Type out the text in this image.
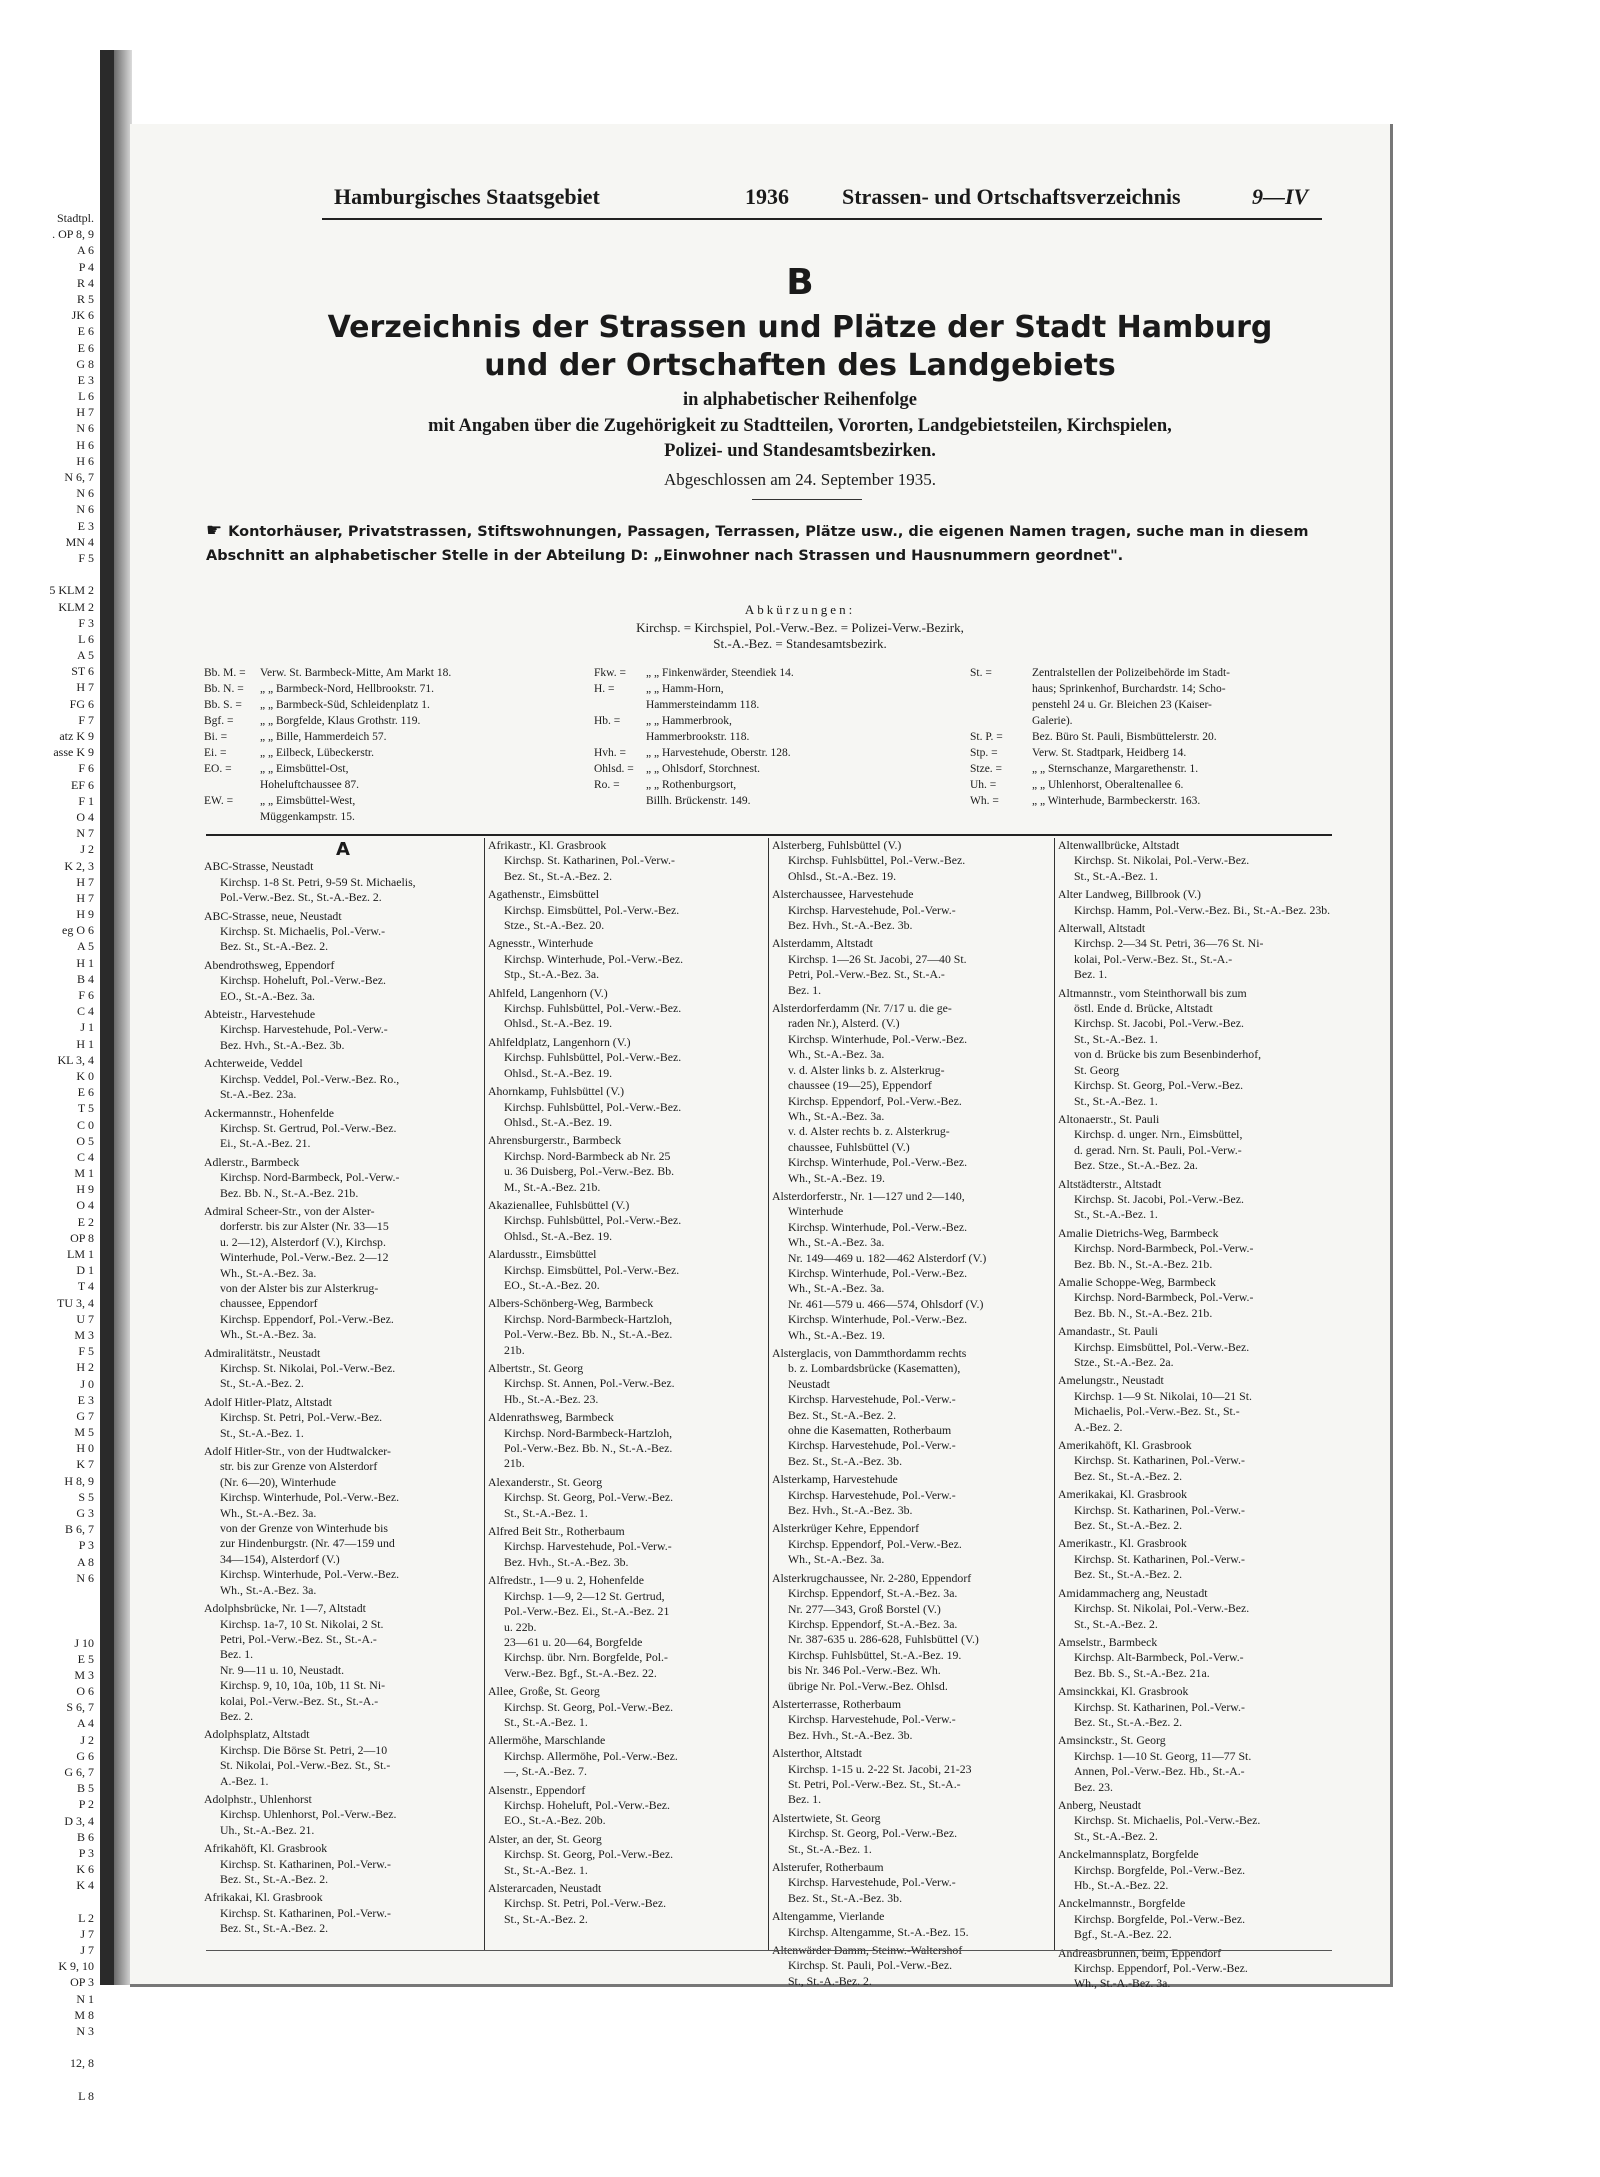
Stadtpl.
. OP 8, 9
A 6
P 4
R 4
R 5
JK 6
E 6
E 6
G 8
E 3
L 6
H 7
N 6
H 6
H 6
N 6, 7
N 6
N 6
E 3
MN 4
F 5
5 KLM 2
KLM 2
F 3
L 6
A 5
ST 6
H 7
FG 6
F 7
atz K 9
asse K 9
F 6
EF 6
F 1
O 4
N 7
J 2
K 2, 3
H 7
H 7
H 9
eg O 6
A 5
H 1
B 4
F 6
C 4
J 1
H 1
KL 3, 4
K 0
E 6
T 5
C 0
O 5
C 4
M 1
H 9
O 4
E 2
OP 8
LM 1
D 1
T 4
TU 3, 4
U 7
M 3
F 5
H 2
J 0
E 3
G 7
M 5
H 0
K 7
H 8, 9
S 5
G 3
B 6, 7
P 3
A 8
N 6
J 10
E 5
M 3
O 6
S 6, 7
A 4
J 2
G 6
G 6, 7
B 5
P 2
D 3, 4
B 6
P 3
K 6
K 4
L 2
J 7
J 7
K 9, 10
OP 3
N 1
M 8
N 3
12, 8
L 8
Hamburgisches Staatsgebiet	1936 Strassen- und Ortschaftsverzeichnis	9—IV
B
Verzeichnis der Strassen und Plätze der Stadt Hamburg
und der Ortschaften des Landgebiets
in alphabetischer Reihenfolge
mit Angaben über die Zugehörigkeit zu Stadtteilen, Vororten, Landgebietsteilen, Kirchspielen,
Polizei- und Standesamtsbezirken.
Abgeschlossen am 24. September 1935.
☛ Kontorhäuser, Privatstrassen, Stiftswohnungen, Passagen, Terrassen, Plätze usw., die eigenen Namen tragen, suche man in diesem Abschnitt an alphabetischer Stelle in der Abteilung D: „Einwohner nach Strassen und Hausnummern geordnet".
Abkürzungen:
Kirchsp. = Kirchspiel, Pol.-Verw.-Bez. = Polizei-Verw.-Bezirk,
St.-A.-Bez. = Standesamtsbezirk.
Bb. M. = Verw. St. Barmbeck-Mitte, Am Markt 18.
Bb. N. = „ „ Barmbeck-Nord, Hellbrookstr. 71.
Bb. S. = „ „ Barmbeck-Süd, Schleidenplatz 1.
Bgf. = „ „ Borgfelde, Klaus Grothstr. 119.
Bi. =	„ „ Bille, Hammerdeich 57.
Ei. =	„ „ Eilbeck, Lübeckerstr.
EO. = „ „ Eimsbüttel-Ost,
Hoheluftchaussee 87.
EW. = „ „ Eimsbüttel-West,
Müggenkampstr. 15.
Fkw. = „ „ Finkenwärder, Steendiek 14.
H. =	„ „ Hamm-Horn,
Hammersteindamm 118.
Hb. = „ „ Hammerbrook,
Hammerbrookstr. 118.
Hvh. = „ „ Harvestehude, Oberstr. 128.
Ohlsd. = „ „ Ohlsdorf, Storchnest.
Ro. = „ „ Rothenburgsort,
Billh. Brückenstr. 149.
St. =	Zentralstellen der Polizeibehörde im Stadt-
haus; Sprinkenhof, Burchardstr. 14; Scho-
penstehl 24 u. Gr. Bleichen 23 (Kaiser-
Galerie).
St. P. =	Bez. Büro St. Pauli, Bismbüttelerstr. 20.
Stp. =	Verw. St. Stadtpark, Heidberg 14.
Stze. =	„ „ Sternschanze, Margarethenstr. 1.
Uh. =	„ „ Uhlenhorst, Oberaltenallee 6.
Wh. =	„ „ Winterhude, Barmbeckerstr. 163.
A
ABC-Strasse, Neustadt
Kirchsp. 1-8 St. Petri, 9-59 St. Michaelis,
Pol.-Verw.-Bez. St., St.-A.-Bez. 2.
ABC-Strasse, neue, Neustadt
Kirchsp. St. Michaelis, Pol.-Verw.-
Bez. St., St.-A.-Bez. 2.
Abendrothsweg, Eppendorf
Kirchsp. Hoheluft, Pol.-Verw.-Bez.
EO., St.-A.-Bez. 3a.
Abteistr., Harvestehude
Kirchsp. Harvestehude, Pol.-Verw.-
Bez. Hvh., St.-A.-Bez. 3b.
Achterweide, Veddel
Kirchsp. Veddel, Pol.-Verw.-Bez. Ro.,
St.-A.-Bez. 23a.
Ackermannstr., Hohenfelde
Kirchsp. St. Gertrud, Pol.-Verw.-Bez.
Ei., St.-A.-Bez. 21.
Adlerstr., Barmbeck
Kirchsp. Nord-Barmbeck, Pol.-Verw.-
Bez. Bb. N., St.-A.-Bez. 21b.
Admiral Scheer-Str., von der Alster-
dorferstr. bis zur Alster (Nr. 33—15
u. 2—12), Alsterdorf (V.), Kirchsp.
Winterhude, Pol.-Verw.-Bez. 2—12
Wh., St.-A.-Bez. 3a.
von der Alster bis zur Alsterkrug-
chaussee, Eppendorf
Kirchsp. Eppendorf, Pol.-Verw.-Bez.
Wh., St.-A.-Bez. 3a.
Admiralitätstr., Neustadt
Kirchsp. St. Nikolai, Pol.-Verw.-Bez.
St., St.-A.-Bez. 2.
Adolf Hitler-Platz, Altstadt
Kirchsp. St. Petri, Pol.-Verw.-Bez.
St., St.-A.-Bez. 1.
Adolf Hitler-Str., von der Hudtwalcker-
str. bis zur Grenze von Alsterdorf
(Nr. 6—20), Winterhude
Kirchsp. Winterhude, Pol.-Verw.-Bez.
Wh., St.-A.-Bez. 3a.
von der Grenze von Winterhude bis
zur Hindenburgstr. (Nr. 47—159 und
34—154), Alsterdorf (V.)
Kirchsp. Winterhude, Pol.-Verw.-Bez.
Wh., St.-A.-Bez. 3a.
Adolphsbrücke, Nr. 1—7, Altstadt
Kirchsp. 1a-7, 10 St. Nikolai, 2 St.
Petri, Pol.-Verw.-Bez. St., St.-A.-
Bez. 1.
Nr. 9—11 u. 10, Neustadt.
Kirchsp. 9, 10, 10a, 10b, 11 St. Ni-
kolai, Pol.-Verw.-Bez. St., St.-A.-
Bez. 2.
Adolphsplatz, Altstadt
Kirchsp. Die Börse St. Petri, 2—10
St. Nikolai, Pol.-Verw.-Bez. St., St.-
A.-Bez. 1.
Adolphstr., Uhlenhorst
Kirchsp. Uhlenhorst, Pol.-Verw.-Bez.
Uh., St.-A.-Bez. 21.
Afrikahöft, Kl. Grasbrook
Kirchsp. St. Katharinen, Pol.-Verw.-
Bez. St., St.-A.-Bez. 2.
Afrikakai, Kl. Grasbrook
Kirchsp. St. Katharinen, Pol.-Verw.-
Bez. St., St.-A.-Bez. 2.
Afrikastr., Kl. Grasbrook
Kirchsp. St. Katharinen, Pol.-Verw.-
Bez. St., St.-A.-Bez. 2.
Agathenstr., Eimsbüttel
Kirchsp. Eimsbüttel, Pol.-Verw.-Bez.
Stze., St.-A.-Bez. 20.
Agnesstr., Winterhude
Kirchsp. Winterhude, Pol.-Verw.-Bez.
Stp., St.-A.-Bez. 3a.
Ahlfeld, Langenhorn (V.)
Kirchsp. Fuhlsbüttel, Pol.-Verw.-Bez.
Ohlsd., St.-A.-Bez. 19.
Ahlfeldplatz, Langenhorn (V.)
Kirchsp. Fuhlsbüttel, Pol.-Verw.-Bez.
Ohlsd., St.-A.-Bez. 19.
Ahornkamp, Fuhlsbüttel (V.)
Kirchsp. Fuhlsbüttel, Pol.-Verw.-Bez.
Ohlsd., St.-A.-Bez. 19.
Ahrensburgerstr., Barmbeck
Kirchsp. Nord-Barmbeck ab Nr. 25
u. 36 Duisberg, Pol.-Verw.-Bez. Bb.
M., St.-A.-Bez. 21b.
Akazienallee, Fuhlsbüttel (V.)
Kirchsp. Fuhlsbüttel, Pol.-Verw.-Bez.
Ohlsd., St.-A.-Bez. 19.
Alardusstr., Eimsbüttel
Kirchsp. Eimsbüttel, Pol.-Verw.-Bez.
EO., St.-A.-Bez. 20.
Albers-Schönberg-Weg, Barmbeck
Kirchsp. Nord-Barmbeck-Hartzloh,
Pol.-Verw.-Bez. Bb. N., St.-A.-Bez.
21b.
Albertstr., St. Georg
Kirchsp. St. Annen, Pol.-Verw.-Bez.
Hb., St.-A.-Bez. 23.
Aldenrathsweg, Barmbeck
Kirchsp. Nord-Barmbeck-Hartzloh,
Pol.-Verw.-Bez. Bb. N., St.-A.-Bez.
21b.
Alexanderstr., St. Georg
Kirchsp. St. Georg, Pol.-Verw.-Bez.
St., St.-A.-Bez. 1.
Alfred Beit Str., Rotherbaum
Kirchsp. Harvestehude, Pol.-Verw.-
Bez. Hvh., St.-A.-Bez. 3b.
Alfredstr., 1—9 u. 2, Hohenfelde
Kirchsp. 1—9, 2—12 St. Gertrud,
Pol.-Verw.-Bez. Ei., St.-A.-Bez. 21
u. 22b.
23—61 u. 20—64, Borgfelde
Kirchsp. übr. Nrn. Borgfelde, Pol.-
Verw.-Bez. Bgf., St.-A.-Bez. 22.
Allee, Große, St. Georg
Kirchsp. St. Georg, Pol.-Verw.-Bez.
St., St.-A.-Bez. 1.
Allermöhe, Marschlande
Kirchsp. Allermöhe, Pol.-Verw.-Bez.
—, St.-A.-Bez. 7.
Alsenstr., Eppendorf
Kirchsp. Hoheluft, Pol.-Verw.-Bez.
EO., St.-A.-Bez. 20b.
Alster, an der, St. Georg
Kirchsp. St. Georg, Pol.-Verw.-Bez.
St., St.-A.-Bez. 1.
Alsterarcaden, Neustadt
Kirchsp. St. Petri, Pol.-Verw.-Bez.
St., St.-A.-Bez. 2.
Alsterberg, Fuhlsbüttel (V.)
Kirchsp. Fuhlsbüttel, Pol.-Verw.-Bez.
Ohlsd., St.-A.-Bez. 19.
Alsterchaussee, Harvestehude
Kirchsp. Harvestehude, Pol.-Verw.-
Bez. Hvh., St.-A.-Bez. 3b.
Alsterdamm, Altstadt
Kirchsp. 1—26 St. Jacobi, 27—40 St.
Petri, Pol.-Verw.-Bez. St., St.-A.-
Bez. 1.
Alsterdorferdamm (Nr. 7/17 u. die ge-
raden Nr.), Alsterd. (V.)
Kirchsp. Winterhude, Pol.-Verw.-Bez.
Wh., St.-A.-Bez. 3a.
v. d. Alster links b. z. Alsterkrug-
chaussee (19—25), Eppendorf
Kirchsp. Eppendorf, Pol.-Verw.-Bez.
Wh., St.-A.-Bez. 3a.
v. d. Alster rechts b. z. Alsterkrug-
chaussee, Fuhlsbüttel (V.)
Kirchsp. Winterhude, Pol.-Verw.-Bez.
Wh., St.-A.-Bez. 19.
Alsterdorferstr., Nr. 1—127 und 2—140,
Winterhude
Kirchsp. Winterhude, Pol.-Verw.-Bez.
Wh., St.-A.-Bez. 3a.
Nr. 149—469 u. 182—462 Alsterdorf (V.)
Kirchsp. Winterhude, Pol.-Verw.-Bez.
Wh., St.-A.-Bez. 3a.
Nr. 461—579 u. 466—574, Ohlsdorf (V.)
Kirchsp. Winterhude, Pol.-Verw.-Bez.
Wh., St.-A.-Bez. 19.
Alsterglacis, von Dammthordamm rechts
b. z. Lombardsbrücke (Kasematten),
Neustadt
Kirchsp. Harvestehude, Pol.-Verw.-
Bez. St., St.-A.-Bez. 2.
ohne die Kasematten, Rotherbaum
Kirchsp. Harvestehude, Pol.-Verw.-
Bez. St., St.-A.-Bez. 3b.
Alsterkamp, Harvestehude
Kirchsp. Harvestehude, Pol.-Verw.-
Bez. Hvh., St.-A.-Bez. 3b.
Alsterkrüger Kehre, Eppendorf
Kirchsp. Eppendorf, Pol.-Verw.-Bez.
Wh., St.-A.-Bez. 3a.
Alsterkrugchaussee, Nr. 2-280, Eppendorf
Kirchsp. Eppendorf, St.-A.-Bez. 3a.
Nr. 277—343, Groß Borstel (V.)
Kirchsp. Eppendorf, St.-A.-Bez. 3a.
Nr. 387-635 u. 286-628, Fuhlsbüttel (V.)
Kirchsp. Fuhlsbüttel, St.-A.-Bez. 19.
bis Nr. 346 Pol.-Verw.-Bez. Wh.
übrige Nr. Pol.-Verw.-Bez. Ohlsd.
Alsterterrasse, Rotherbaum
Kirchsp. Harvestehude, Pol.-Verw.-
Bez. Hvh., St.-A.-Bez. 3b.
Alsterthor, Altstadt
Kirchsp. 1-15 u. 2-22 St. Jacobi, 21-23
St. Petri, Pol.-Verw.-Bez. St., St.-A.-
Bez. 1.
Alstertwiete, St. Georg
Kirchsp. St. Georg, Pol.-Verw.-Bez.
St., St.-A.-Bez. 1.
Alsterufer, Rotherbaum
Kirchsp. Harvestehude, Pol.-Verw.-
Bez. St., St.-A.-Bez. 3b.
Altengamme, Vierlande
Kirchsp. Altengamme, St.-A.-Bez. 15.
Altenwärder Damm, Steinw.-Waltershof
Kirchsp. St. Pauli, Pol.-Verw.-Bez.
St., St.-A.-Bez. 2.
Altenwallbrücke, Altstadt
Kirchsp. St. Nikolai, Pol.-Verw.-Bez.
St., St.-A.-Bez. 1.
Alter Landweg, Billbrook (V.)
Kirchsp. Hamm, Pol.-Verw.-Bez. Bi., St.-A.-Bez. 23b.
Alterwall, Altstadt
Kirchsp. 2—34 St. Petri, 36—76 St. Ni-
kolai, Pol.-Verw.-Bez. St., St.-A.-
Bez. 1.
Altmannstr., vom Steinthorwall bis zum
östl. Ende d. Brücke, Altstadt
Kirchsp. St. Jacobi, Pol.-Verw.-Bez.
St., St.-A.-Bez. 1.
von d. Brücke bis zum Besenbinderhof,
St. Georg
Kirchsp. St. Georg, Pol.-Verw.-Bez.
St., St.-A.-Bez. 1.
Altonaerstr., St. Pauli
Kirchsp. d. unger. Nrn., Eimsbüttel,
d. gerad. Nrn. St. Pauli, Pol.-Verw.-
Bez. Stze., St.-A.-Bez. 2a.
Altstädterstr., Altstadt
Kirchsp. St. Jacobi, Pol.-Verw.-Bez.
St., St.-A.-Bez. 1.
Amalie Dietrichs-Weg, Barmbeck
Kirchsp. Nord-Barmbeck, Pol.-Verw.-
Bez. Bb. N., St.-A.-Bez. 21b.
Amalie Schoppe-Weg, Barmbeck
Kirchsp. Nord-Barmbeck, Pol.-Verw.-
Bez. Bb. N., St.-A.-Bez. 21b.
Amandastr., St. Pauli
Kirchsp. Eimsbüttel, Pol.-Verw.-Bez.
Stze., St.-A.-Bez. 2a.
Amelungstr., Neustadt
Kirchsp. 1—9 St. Nikolai, 10—21 St.
Michaelis, Pol.-Verw.-Bez. St., St.-
A.-Bez. 2.
Amerikahöft, Kl. Grasbrook
Kirchsp. St. Katharinen, Pol.-Verw.-
Bez. St., St.-A.-Bez. 2.
Amerikakai, Kl. Grasbrook
Kirchsp. St. Katharinen, Pol.-Verw.-
Bez. St., St.-A.-Bez. 2.
Amerikastr., Kl. Grasbrook
Kirchsp. St. Katharinen, Pol.-Verw.-
Bez. St., St.-A.-Bez. 2.
Amidammacherg ang, Neustadt
Kirchsp. St. Nikolai, Pol.-Verw.-Bez.
St., St.-A.-Bez. 2.
Amselstr., Barmbeck
Kirchsp. Alt-Barmbeck, Pol.-Verw.-
Bez. Bb. S., St.-A.-Bez. 21a.
Amsinckkai, Kl. Grasbrook
Kirchsp. St. Katharinen, Pol.-Verw.-
Bez. St., St.-A.-Bez. 2.
Amsinckstr., St. Georg
Kirchsp. 1—10 St. Georg, 11—77 St.
Annen, Pol.-Verw.-Bez. Hb., St.-A.-
Bez. 23.
Anberg, Neustadt
Kirchsp. St. Michaelis, Pol.-Verw.-Bez.
St., St.-A.-Bez. 2.
Anckelmannsplatz, Borgfelde
Kirchsp. Borgfelde, Pol.-Verw.-Bez.
Hb., St.-A.-Bez. 22.
Anckelmannstr., Borgfelde
Kirchsp. Borgfelde, Pol.-Verw.-Bez.
Bgf., St.-A.-Bez. 22.
Andreasbrunnen, beim, Eppendorf
Kirchsp. Eppendorf, Pol.-Verw.-Bez.
Wh., St.-A.-Bez. 3a.
